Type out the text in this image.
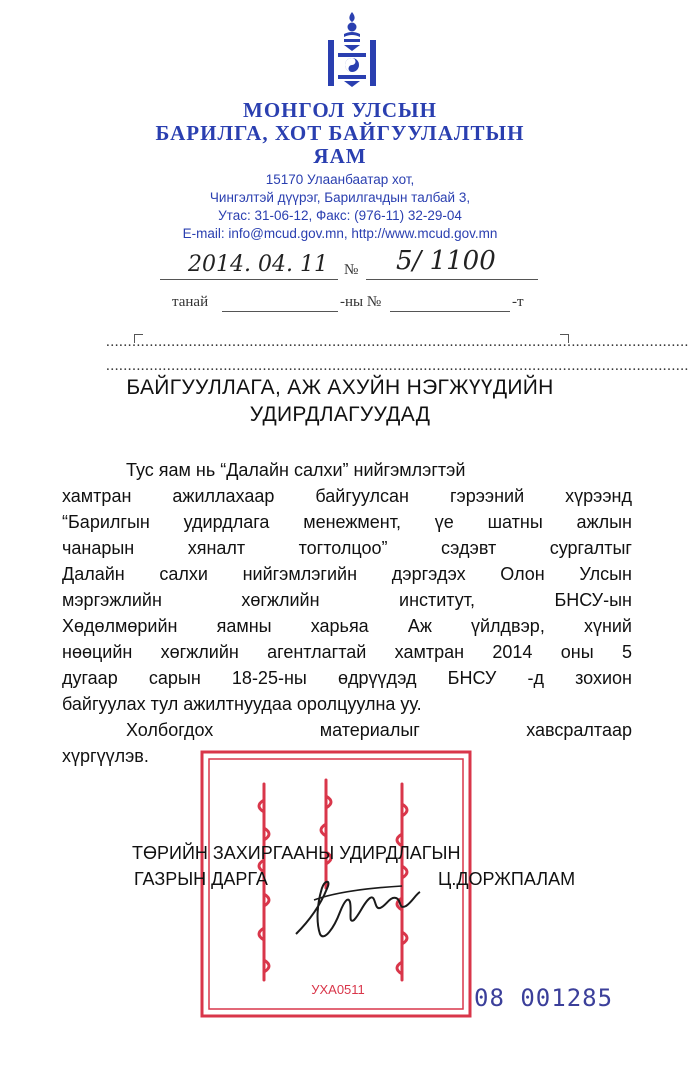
МОНГОЛ УЛСЫН
БАРИЛГА, ХОТ БАЙГУУЛАЛТЫН
ЯАМ
15170 Улаанбаатар хот,
Чингэлтэй дүүрэг, Барилгачдын талбай 3,
Утас: 31-06-12, Факс: (976-11) 32-29-04
E-mail: info@mcud.gov.mn, http://www.mcud.gov.mn
2014. 04. 11 № 5/ 1100
танай	-ны №	-т
......................................................................................................................................
......................................................................................................................................
БАЙГУУЛЛАГА, АЖ АХУЙН НЭГЖҮҮДИЙН
УДИРДЛАГУУДАД
Тус яам нь “Далайн салхи” нийгэмлэгтэй
хамтран ажиллахаар байгуулсан гэрээний хүрээнд
“Барилгын удирдлага менежмент, үе шатны ажлын
чанарын хяналт тогтолцоо” сэдэвт сургалтыг
Далайн салхи нийгэмлэгийн дэргэдэх Олон Улсын
мэргэжлийн хөгжлийн институт, БНСУ-ын
Хөдөлмөрийн яамны харьяа Аж үйлдвэр, хүний
нөөцийн хөгжлийн агентлагтай хамтран 2014 оны 5
дугаар сарын 18-25-ны өдрүүдэд БНСУ -д зохион
байгуулах тул ажилтнуудаа оролцуулна уу.
Холбогдох материалыг хавсралтаар
хүргүүлэв.
УХА0511
ТӨРИЙН ЗАХИРГААНЫ УДИРДЛАГЫН
ГАЗРЫН ДАРГА	Ц.ДОРЖПАЛАМ
08 001285
